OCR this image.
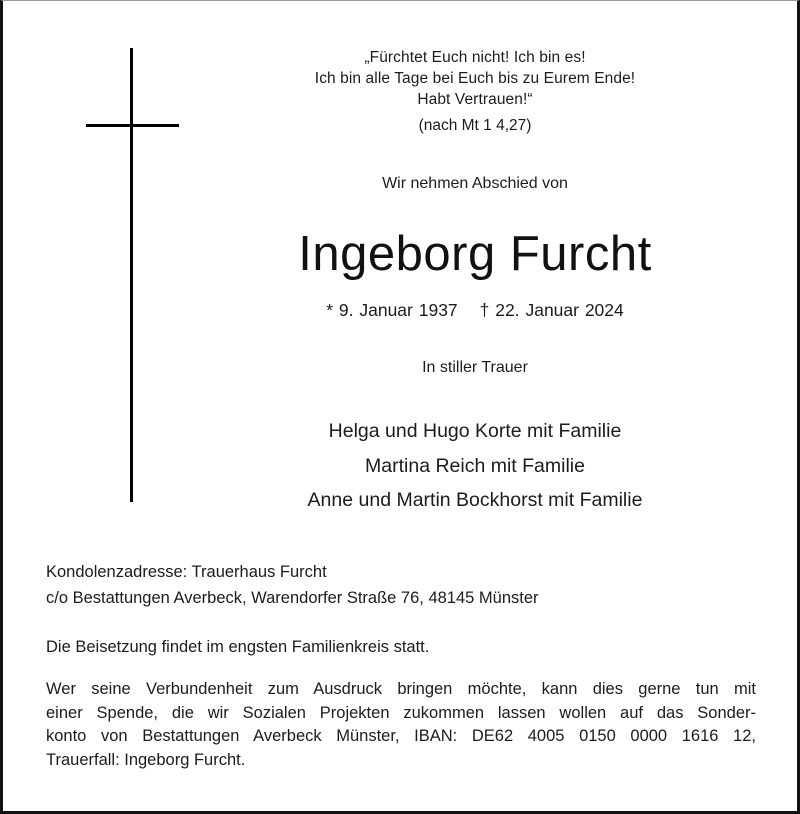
„Fürchtet Euch nicht! Ich bin es!
Ich bin alle Tage bei Euch bis zu Eurem Ende!
Habt Vertrauen!“
(nach Mt 1 4,27)
Wir nehmen Abschied von
Ingeborg Furcht
* 9. Januar 1937 † 22. Januar 2024
In stiller Trauer
Helga und Hugo Korte mit Familie
Martina Reich mit Familie
Anne und Martin Bockhorst mit Familie
Kondolenzadresse: Trauerhaus Furcht
c/o Bestattungen Averbeck, Warendorfer Straße 76, 48145 Münster
Die Beisetzung findet im engsten Familienkreis statt.
Wer seine Verbundenheit zum Ausdruck bringen möchte, kann dies gerne tun mit
einer Spende, die wir Sozialen Projekten zukommen lassen wollen auf das Sonder-
konto von Bestattungen Averbeck Münster, IBAN: DE62 4005 0150 0000 1616 12,
Trauerfall: Ingeborg Furcht.
